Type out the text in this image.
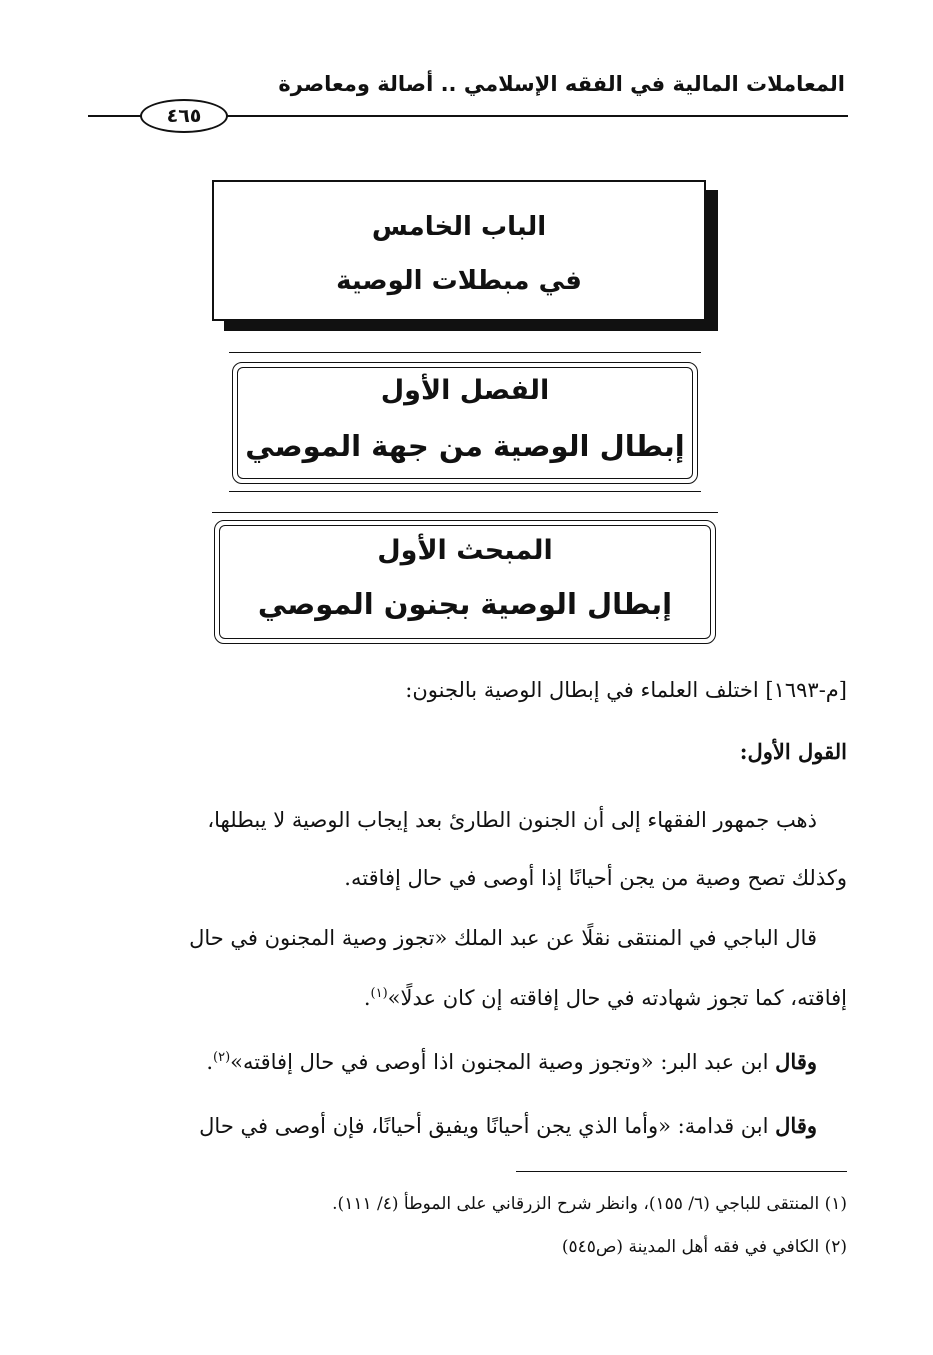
المعاملات المالية في الفقه الإسلامي .. أصالة ومعاصرة
٤٦٥
الباب الخامس
في مبطلات الوصية
الفصل الأول
إبطال الوصية من جهة الموصي
المبحث الأول
إبطال الوصية بجنون الموصي
[م-١٦٩٣] اختلف العلماء في إبطال الوصية بالجنون:
القول الأول:
ذهب جمهور الفقهاء إلى أن الجنون الطارئ بعد إيجاب الوصية لا يبطلها،
وكذلك تصح وصية من يجن أحيانًا إذا أوصى في حال إفاقته.
قال الباجي في المنتقى نقلًا عن عبد الملك «تجوز وصية المجنون في حال
إفاقته، كما تجوز شهادته في حال إفاقته إن كان عدلًا»$^{(١)}$.
وقال ابن عبد البر: «وتجوز وصية المجنون اذا أوصى في حال إفاقته»$^{(٢)}$.
وقال ابن قدامة: «وأما الذي يجن أحيانًا ويفيق أحيانًا، فإن أوصى في حال
(١) المنتقى للباجي (٦/ ١٥٥)، وانظر شرح الزرقاني على الموطأ (٤/ ١١١).
(٢) الكافي في فقه أهل المدينة (ص٥٤٥)
